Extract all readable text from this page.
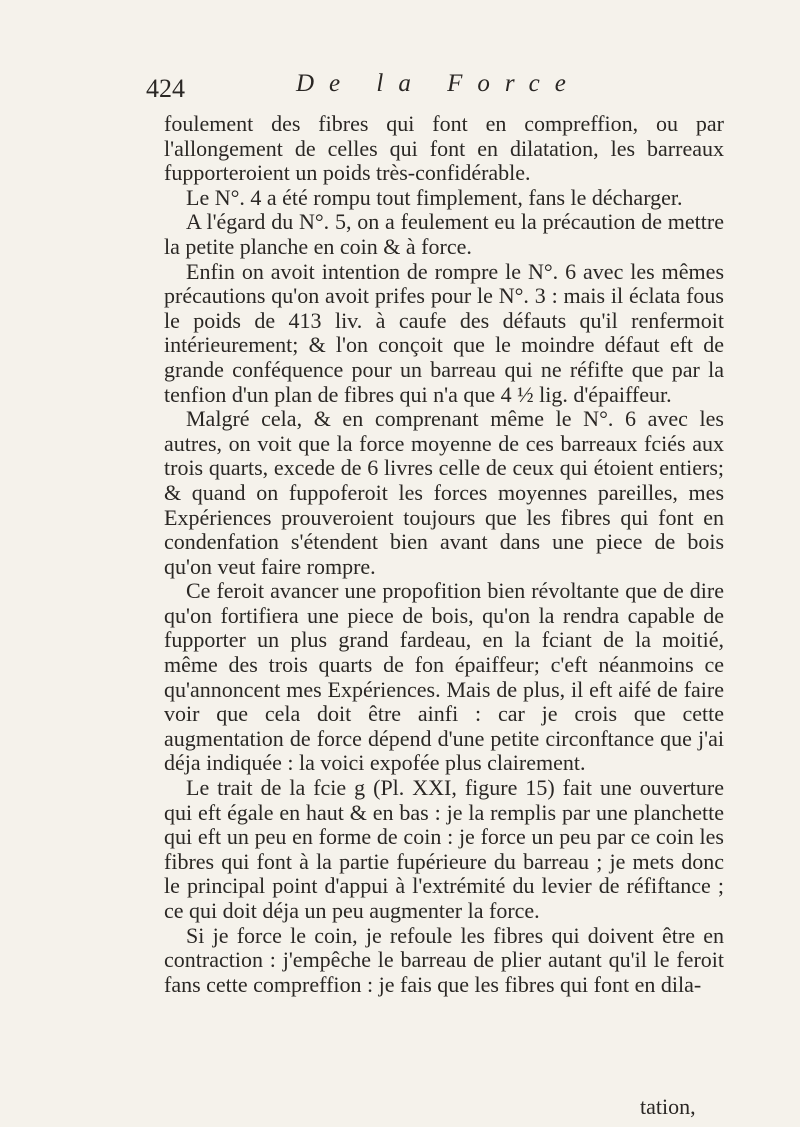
424	De la Force

foulement des fibres qui font en compreffion, ou par l'allongement de celles qui font en dilatation, les barreaux fupporteroient un poids très-confidérable.

Le N°. 4 a été rompu tout fimplement, fans le décharger.

A l'égard du N°. 5, on a feulement eu la précaution de mettre la petite planche en coin & à force.

Enfin on avoit intention de rompre le N°. 6 avec les mêmes précautions qu'on avoit prifes pour le N°. 3 : mais il éclata fous le poids de 413 liv. à caufe des défauts qu'il renfermoit intérieurement; & l'on conçoit que le moindre défaut eft de grande conféquence pour un barreau qui ne réfifte que par la tenfion d'un plan de fibres qui n'a que 4 ½ lig. d'épaiffeur.

Malgré cela, & en comprenant même le N°. 6 avec les autres, on voit que la force moyenne de ces barreaux fciés aux trois quarts, excede de 6 livres celle de ceux qui étoient entiers; & quand on fuppoferoit les forces moyennes pareilles, mes Expériences prouveroient toujours que les fibres qui font en condenfation s'étendent bien avant dans une piece de bois qu'on veut faire rompre.

Ce feroit avancer une propofition bien révoltante que de dire qu'on fortifiera une piece de bois, qu'on la rendra capable de fupporter un plus grand fardeau, en la fciant de la moitié, même des trois quarts de fon épaiffeur; c'eft néanmoins ce qu'annoncent mes Expériences. Mais de plus, il eft aifé de faire voir que cela doit être ainfi : car je crois que cette augmentation de force dépend d'une petite circonftance que j'ai déja indiquée : la voici expofée plus clairement.

Le trait de la fcie g (Pl. XXI, figure 15) fait une ouverture qui eft égale en haut & en bas : je la remplis par une planchette qui eft un peu en forme de coin : je force un peu par ce coin les fibres qui font à la partie fupérieure du barreau ; je mets donc le principal point d'appui à l'extrémité du levier de réfiftance ; ce qui doit déja un peu augmenter la force.

Si je force le coin, je refoule les fibres qui doivent être en contraction : j'empêche le barreau de plier autant qu'il le feroit fans cette compreffion : je fais que les fibres qui font en dila-

tation,
